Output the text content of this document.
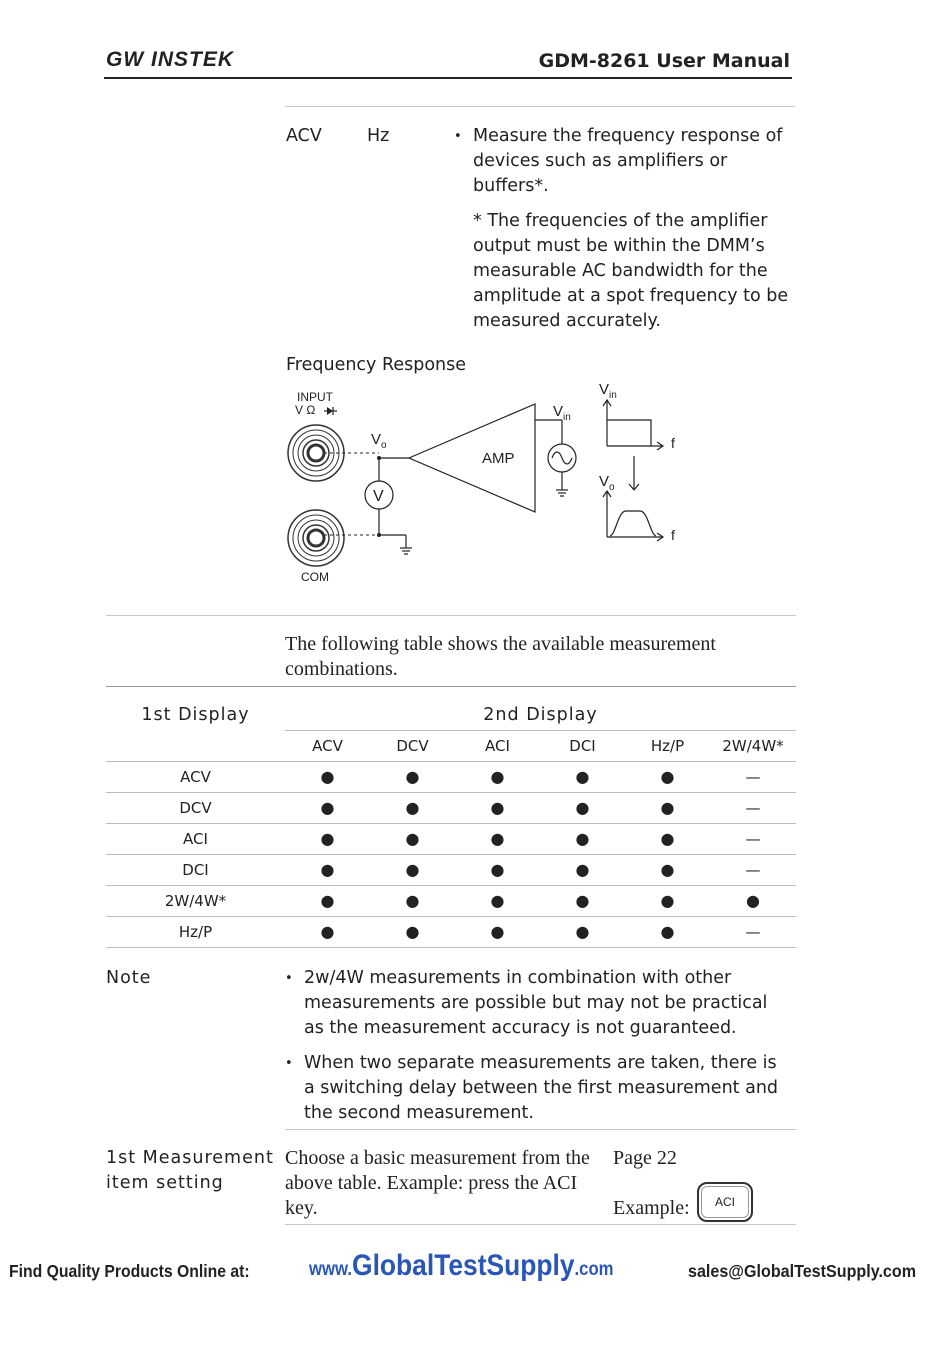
GW INSTEK	GDM-8261 User Manual
ACV	Hz	• Measure the frequency response of devices such as amplifiers or buffers*.
* The frequencies of the amplifier output must be within the DMM’s measurable AC bandwidth for the amplitude at a spot frequency to be measured accurately.
Frequency Response
INPUT
V Ω
COM
$V_o$
V
AMP
$V_{in}$
$V_{in}$
f
$V_o$
f
The following table shows the available measurement combinations.
1st Display	2nd Display					
	ACV	DCV	ACI	DCI	Hz/P	2W/4W*
ACV	●	●	●	●	●	—
DCV	●	●	●	●	●	—
ACI	●	●	●	●	●	—
DCI	●	●	●	●	●	—
2W/4W*	●	●	●	●	●	●
Hz/P	●	●	●	●	●	—
Note	• 2w/4W measurements in combination with other measurements are possible but may not be practical as the measurement accuracy is not guaranteed.
• When two separate measurements are taken, there is a switching delay between the first measurement and the second measurement.
1st Measurement
item setting
Choose a basic measurement from the above table. Example: press the ACI key.
Page 22
Example:	ACI
Find Quality Products Online at:	www.GlobalTestSupply.com	sales@GlobalTestSupply.com
